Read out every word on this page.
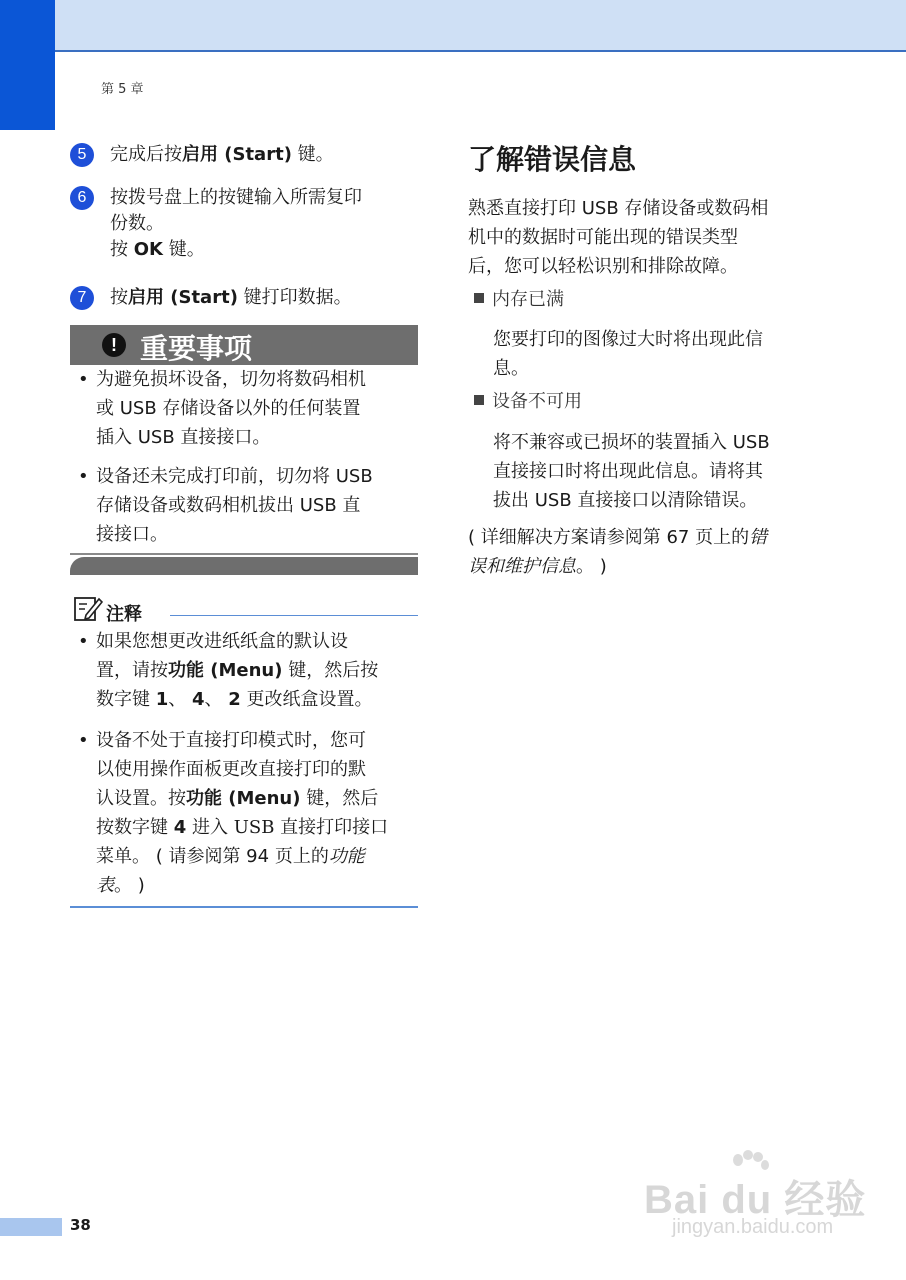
第 5 章
5	完成后按启用 (Start) 键。
6	按拨号盘上的按键输入所需复印
份数。
按 OK 键。
7	按启用 (Start) 键打印数据。
! 重要事项
• 为避免损坏设备，切勿将数码相机
或 USB 存储设备以外的任何装置
插入 USB 直接接口。
• 设备还未完成打印前，切勿将 USB
存储设备或数码相机拔出 USB 直
接接口。
注释
• 如果您想更改进纸纸盒的默认设
置，请按功能 (Menu) 键，然后按
数字键 1、 4、 2 更改纸盒设置。
• 设备不处于直接打印模式时，您可
以使用操作面板更改直接打印的默
认设置。按功能 (Menu) 键，然后
按数字键 4 进入 USB 直接打印接口
菜单。 ( 请参阅第 94 页上的功能
表。 )
了解错误信息
熟悉直接打印 USB 存储设备或数码相
机中的数据时可能出现的错误类型
后，您可以轻松识别和排除故障。
内存已满
您要打印的图像过大时将出现此信
息。
设备不可用
将不兼容或已损坏的装置插入 USB
直接接口时将出现此信息。请将其
拔出 USB 直接接口以清除错误。
( 详细解决方案请参阅第 67 页上的错
误和维护信息。 )
38
Bai du 经验
jingyan.baidu.com
